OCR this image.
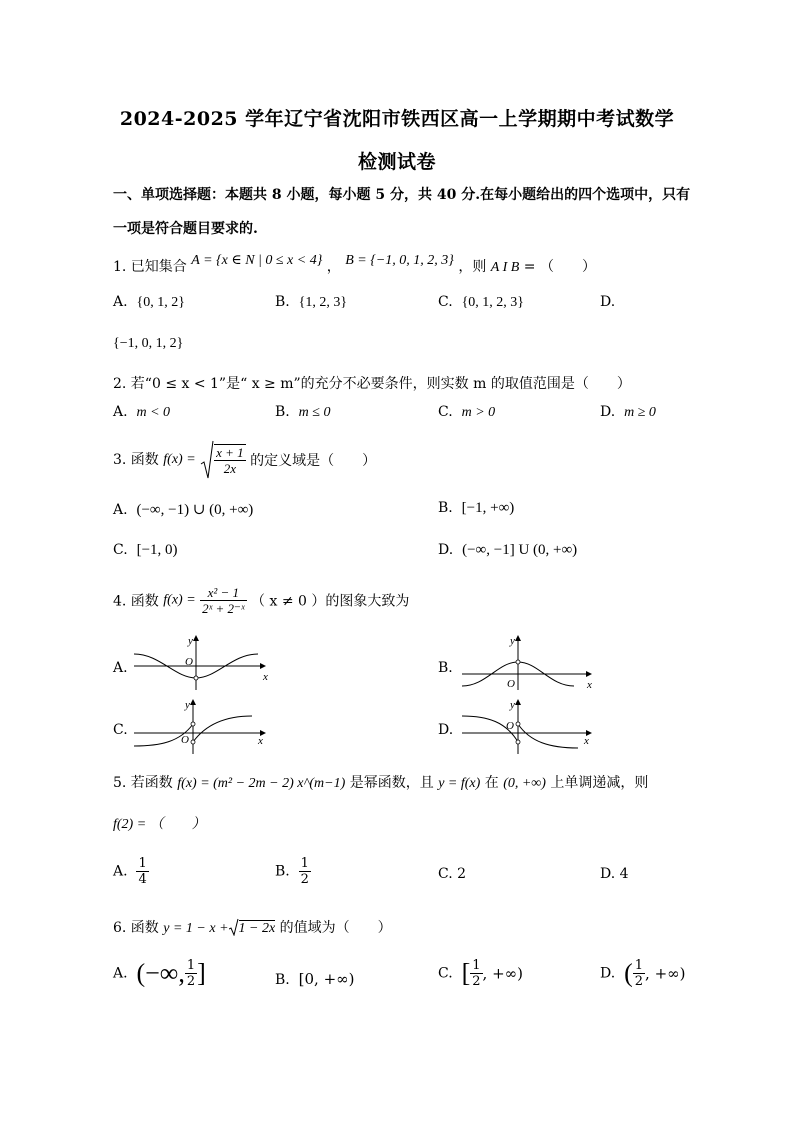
2024-2025 学年辽宁省沈阳市铁西区高一上学期期中考试数学
检测试卷
一、单项选择题：本题共 8 小题，每小题 5 分，共 40 分.在每小题给出的四个选项中，只有一项是符合题目要求的.
1. 已知集合 A = {x ∈ N | 0 ≤ x < 4} ， B = {−1, 0, 1, 2, 3} ，则 A I B = （　　）
A. {0, 1, 2}	B. {1, 2, 3}	C. {0, 1, 2, 3}	D.
{−1, 0, 1, 2}
2. 若“0 ≤ x < 1”是“ x ≥ m”的充分不必要条件，则实数 m 的取值范围是（　　）
A. m < 0	B. m ≤ 0	C. m > 0	D. m ≥ 0
3. 函数 $f(x) = \frac{x + 1}{2x}$ 的定义域是（　　）
A. (−∞, −1) ∪ (0, +∞)	B. [−1, +∞)
C. [−1, 0)	D. (−∞, −1] U (0, +∞)
4. 函数 $f(x) = \frac{\text{x² − 1}}{\text{2ˣ + 2⁻ˣ}}$ （ x ≠ 0 ）的图象大致为
A.	B.
C.	D.
x
y
O
x
y
O
x
y
O	x
y
O
5. 若函数 f(x) = (m² − 2m − 2) x^(m−1) 是幂函数，且 y = f(x) 在 (0, +∞) 上单调递减，则
f(2) = （　　）
A. $\frac{1}{4}$	B. $\frac{1}{2}$	C. 2	D. 4
6. 函数 y = 1 − x + 1 − 2x 的值域为（　　）
A. (−∞, $\frac{1}{2}$ ]	B. [0, +∞)	C. [ $\frac{1}{2}$ , +∞)	D. ( $\frac{1}{2}$ , +∞)
